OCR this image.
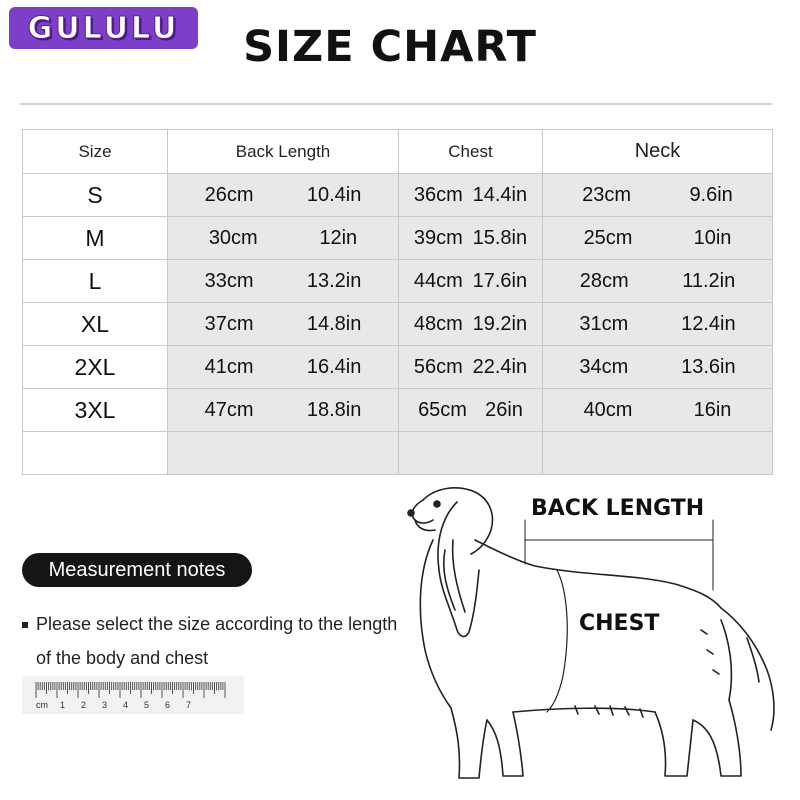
GULULU	SIZE CHART
Size	Back Length	Chest	Neck
S	26cm 10.4in	36cm 14.4in	23cm 9.6in

M	30cm 12in	39cm 15.8in	25cm 10in

L	33cm 13.2in	44cm 17.6in	28cm 11.2in

XL	37cm 14.8in	48cm 19.2in	31cm 12.4in

2XL	41cm 16.4in	56cm 22.4in	34cm 13.6in

3XL	47cm 18.8in	65cm 26in	40cm 16in

Measurement notes
Please select the size according to the length
of the body and chest
cm 1 2 3 4 5 6 7
BACK LENGTH
CHEST
